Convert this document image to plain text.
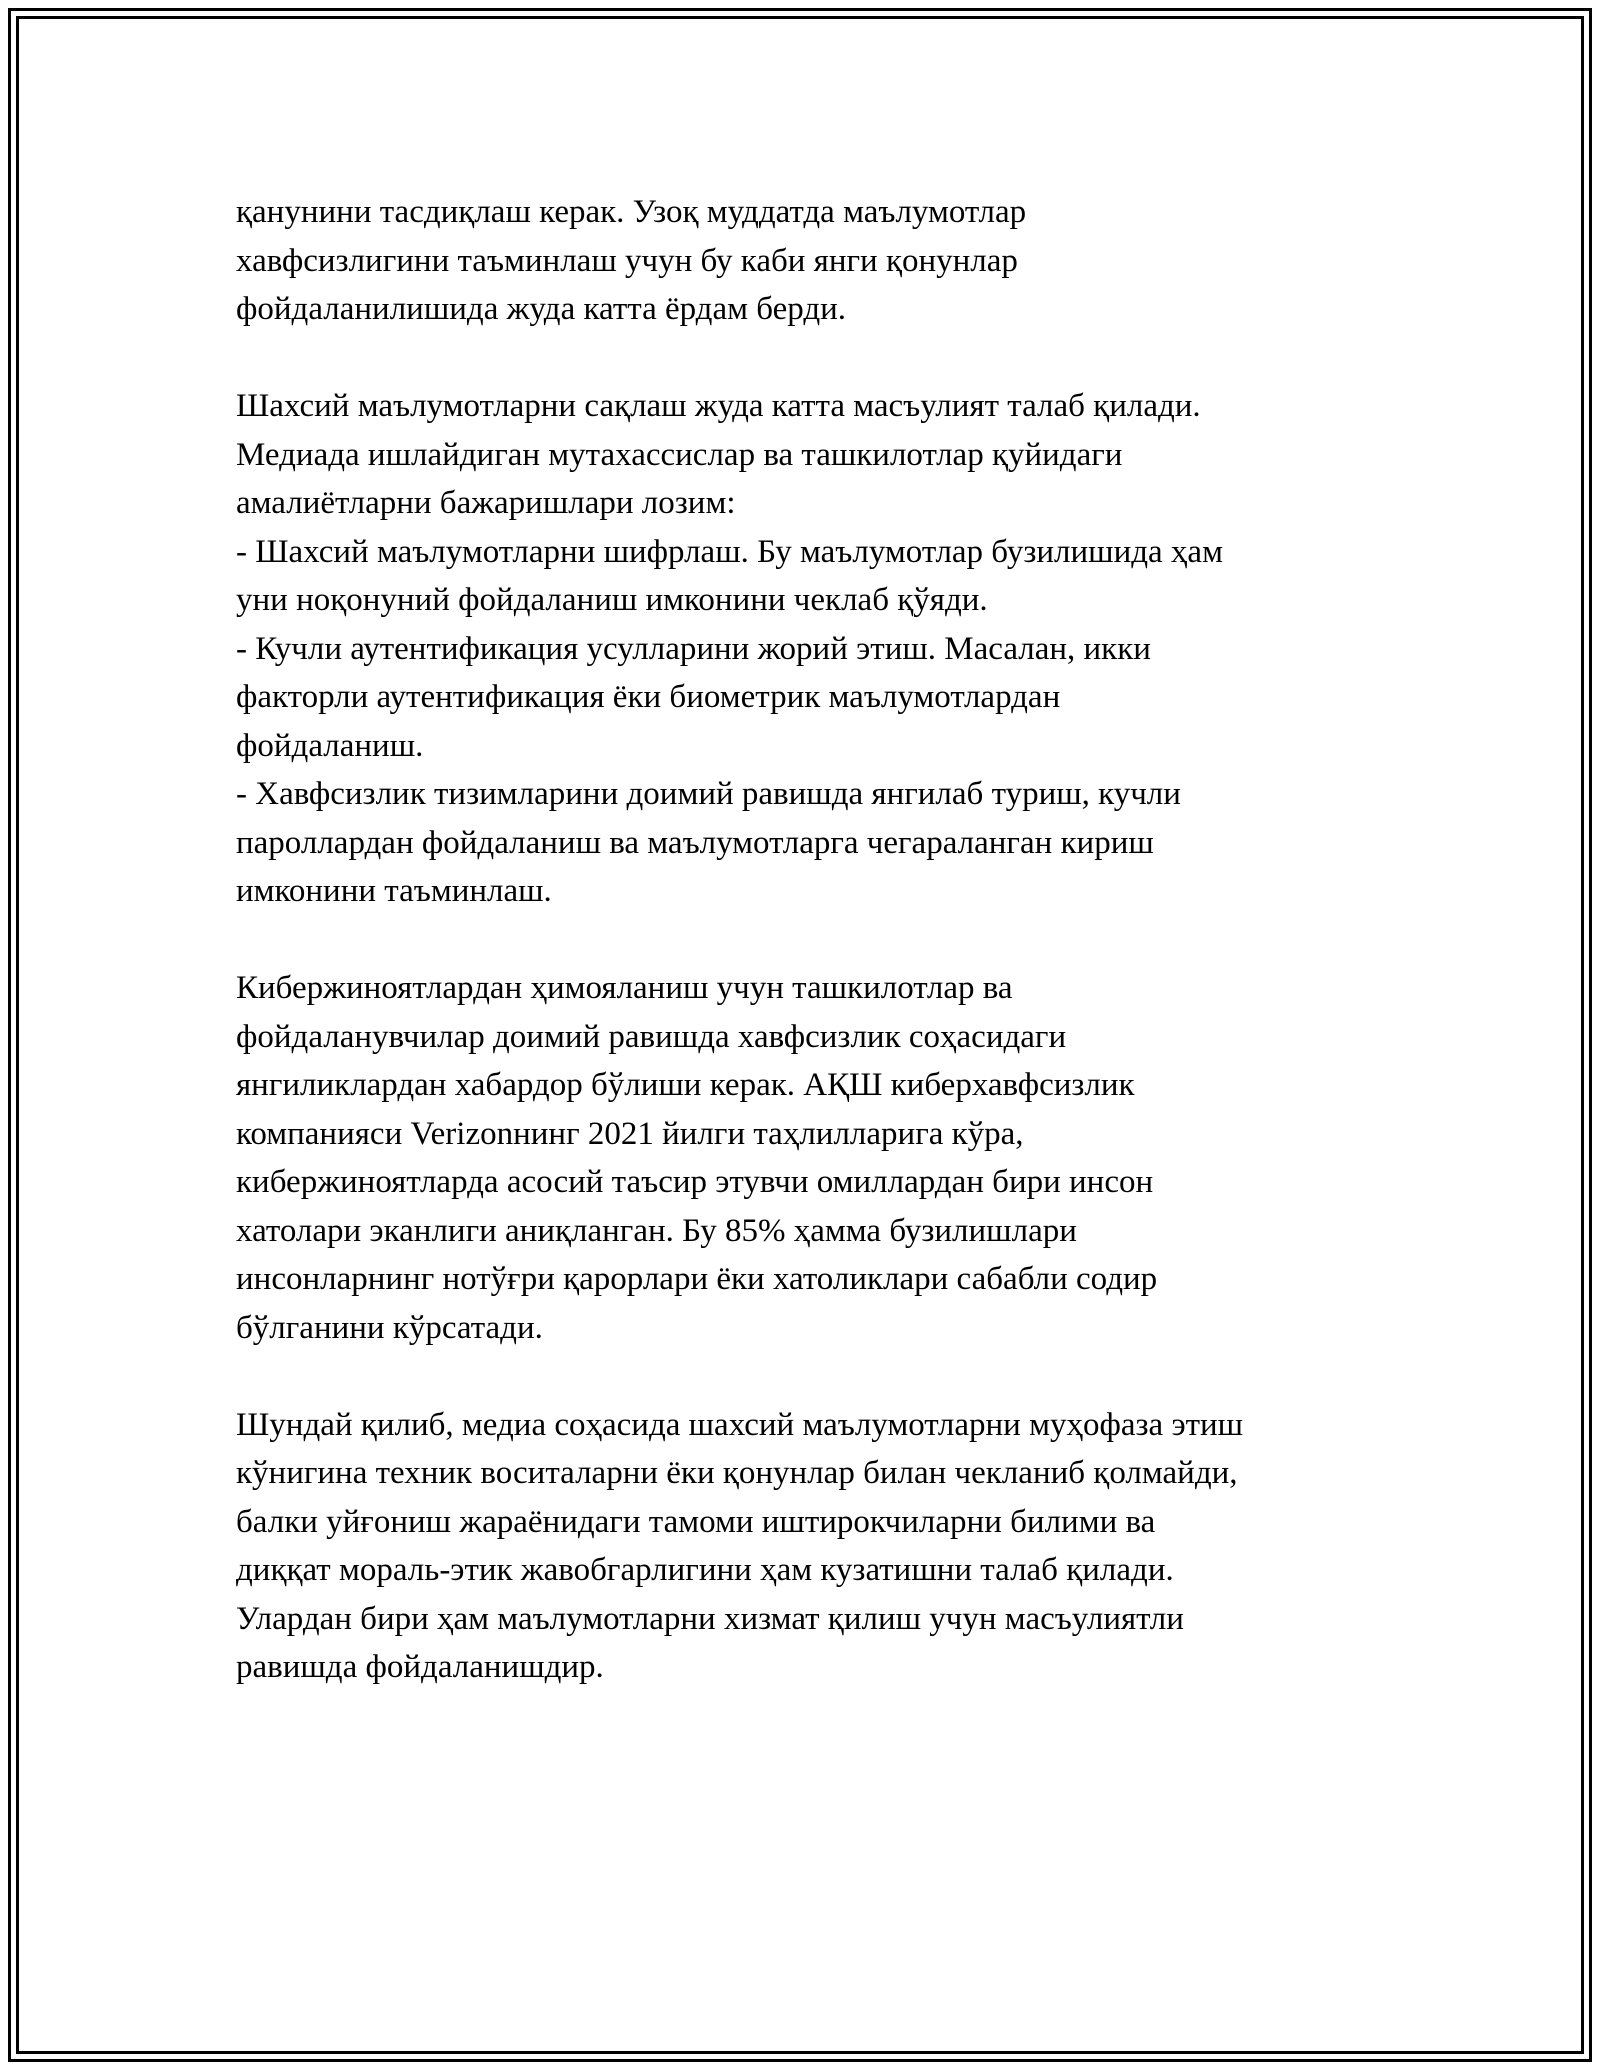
қанунини тасдиқлаш керак. Узоқ муддатда маълумотлар
хавфсизлигини таъминлаш учун бу каби янги қонунлар
фойдаланилишида жуда катта ёрдам берди.

Шахсий маълумотларни сақлаш жуда катта масъулият талаб қилади.
Медиада ишлайдиган мутахассислар ва ташкилотлар қуйидаги
амалиётларни бажаришлари лозим:
- Шахсий маълумотларни шифрлаш. Бу маълумотлар бузилишида ҳам
уни ноқонуний фойдаланиш имконини чеклаб қўяди.
- Кучли аутентификация усулларини жорий этиш. Масалан, икки
факторли аутентификация ёки биометрик маълумотлардан
фойдаланиш.
- Хавфсизлик тизимларини доимий равишда янгилаб туриш, кучли
пароллардан фойдаланиш ва маълумотларга чегараланган кириш
имконини таъминлаш.

Кибержиноятлардан ҳимояланиш учун ташкилотлар ва
фойдаланувчилар доимий равишда хавфсизлик соҳасидаги
янгиликлардан хабардор бўлиши керак. АҚШ киберхавфсизлик
компанияси Verizonнинг 2021 йилги таҳлилларига кўра,
кибержиноятларда асосий таъсир этувчи омиллардан бири инсон
хатолари эканлиги аниқланган. Бу 85% ҳамма бузилишлари
инсонларнинг нотўғри қарорлари ёки хатоликлари сабабли содир
бўлганини кўрсатади.

Шундай қилиб, медиа соҳасида шахсий маълумотларни муҳофаза этиш
кўнигина техник воситаларни ёки қонунлар билан чекланиб қолмайди,
балки уйғониш жараёнидаги тамоми иштирокчиларни билими ва
диққат мораль-этик жавобгарлигини ҳам кузатишни талаб қилади.
Улардан бири ҳам маълумотларни хизмат қилиш учун масъулиятли
равишда фойдаланишдир.
